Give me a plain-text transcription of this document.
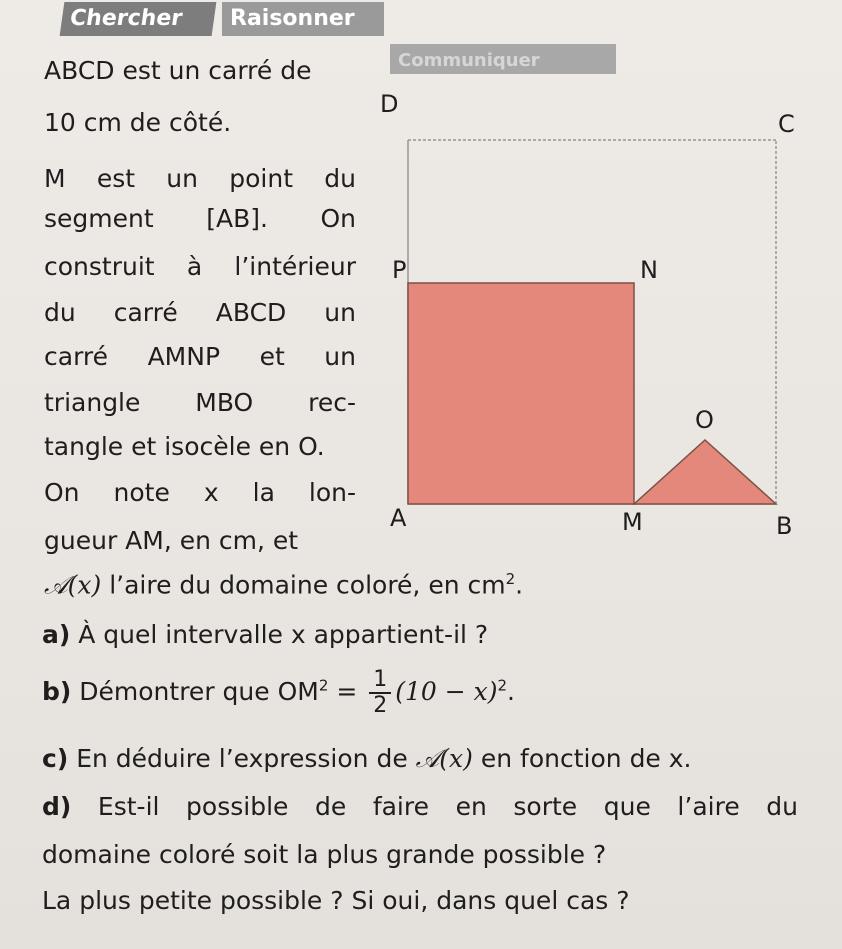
Chercher	Raisonner
Communiquer
ABCD est un carré de
10 cm de côté.
M est un point du
segment [AB]. On
construit à l’intérieur
du carré ABCD un
carré AMNP et un
triangle MBO rec-
tangle et isocèle en O.
On note x la lon-
gueur AM, en cm, et
𝒜(x) l’aire du domaine coloré, en $cm^2$.
D
C
P	N
O
A	M	B
a) À quel intervalle x appartient-il ?
b) Démontrer que $OM^2 = \frac{1}{2} (10 - x)^2$.
c) En déduire l’expression de 𝒜(x) en fonction de x.
d) Est-il possible de faire en sorte que l’aire du
domaine coloré soit la plus grande possible ?
La plus petite possible ? Si oui, dans quel cas ?
